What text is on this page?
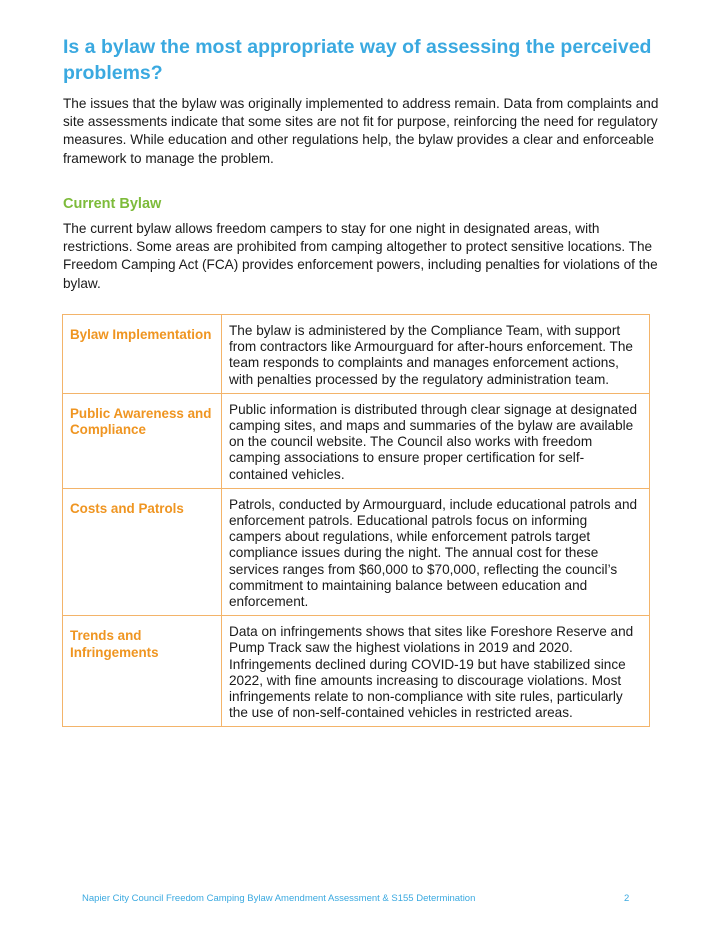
Is a bylaw the most appropriate way of assessing the perceived problems?

The issues that the bylaw was originally implemented to address remain. Data from complaints and site assessments indicate that some sites are not fit for purpose, reinforcing the need for regulatory measures. While education and other regulations help, the bylaw provides a clear and enforceable framework to manage the problem.

Current Bylaw

The current bylaw allows freedom campers to stay for one night in designated areas, with restrictions. Some areas are prohibited from camping altogether to protect sensitive locations. The Freedom Camping Act (FCA) provides enforcement powers, including penalties for violations of the bylaw.

Bylaw Implementation	The bylaw is administered by the Compliance Team, with support from contractors like Armourguard for after-hours enforcement. The team responds to complaints and manages enforcement actions, with penalties processed by the regulatory administration team.
Public Awareness and Compliance	Public information is distributed through clear signage at designated camping sites, and maps and summaries of the bylaw are available on the council website. The Council also works with freedom camping associations to ensure proper certification for self-contained vehicles.
Costs and Patrols	Patrols, conducted by Armourguard, include educational patrols and enforcement patrols. Educational patrols focus on informing campers about regulations, while enforcement patrols target compliance issues during the night. The annual cost for these services ranges from $60,000 to $70,000, reflecting the council’s commitment to maintaining balance between education and enforcement.
Trends and Infringements	Data on infringements shows that sites like Foreshore Reserve and Pump Track saw the highest violations in 2019 and 2020. Infringements declined during COVID-19 but have stabilized since 2022, with fine amounts increasing to discourage violations. Most infringements relate to non-compliance with site rules, particularly the use of non-self-contained vehicles in restricted areas.
Napier City Council Freedom Camping Bylaw Amendment Assessment & S155 Determination	2
